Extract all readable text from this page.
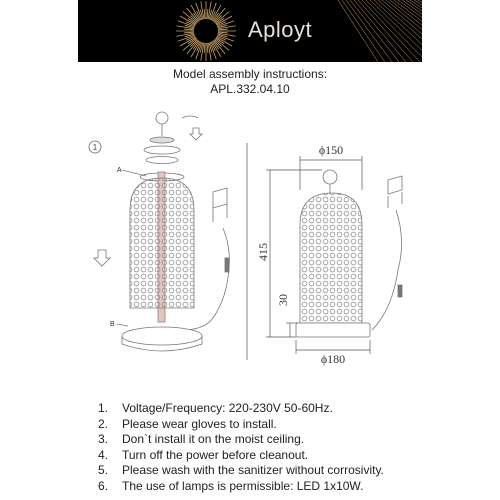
Aployt
Model assembly instructions:
APL.332.04.10
1
A
B
ϕ150
ϕ180
415
30
1.	Voltage/Frequency: 220-230V 50-60Hz.
2.	Please wear gloves to install.
3.	Don`t install it on the moist ceiling.
4.	Turn off the power before cleanout.
5.	Please wash with the sanitizer without corrosivity.
6.	The use of lamps is permissible: LED 1x10W.
